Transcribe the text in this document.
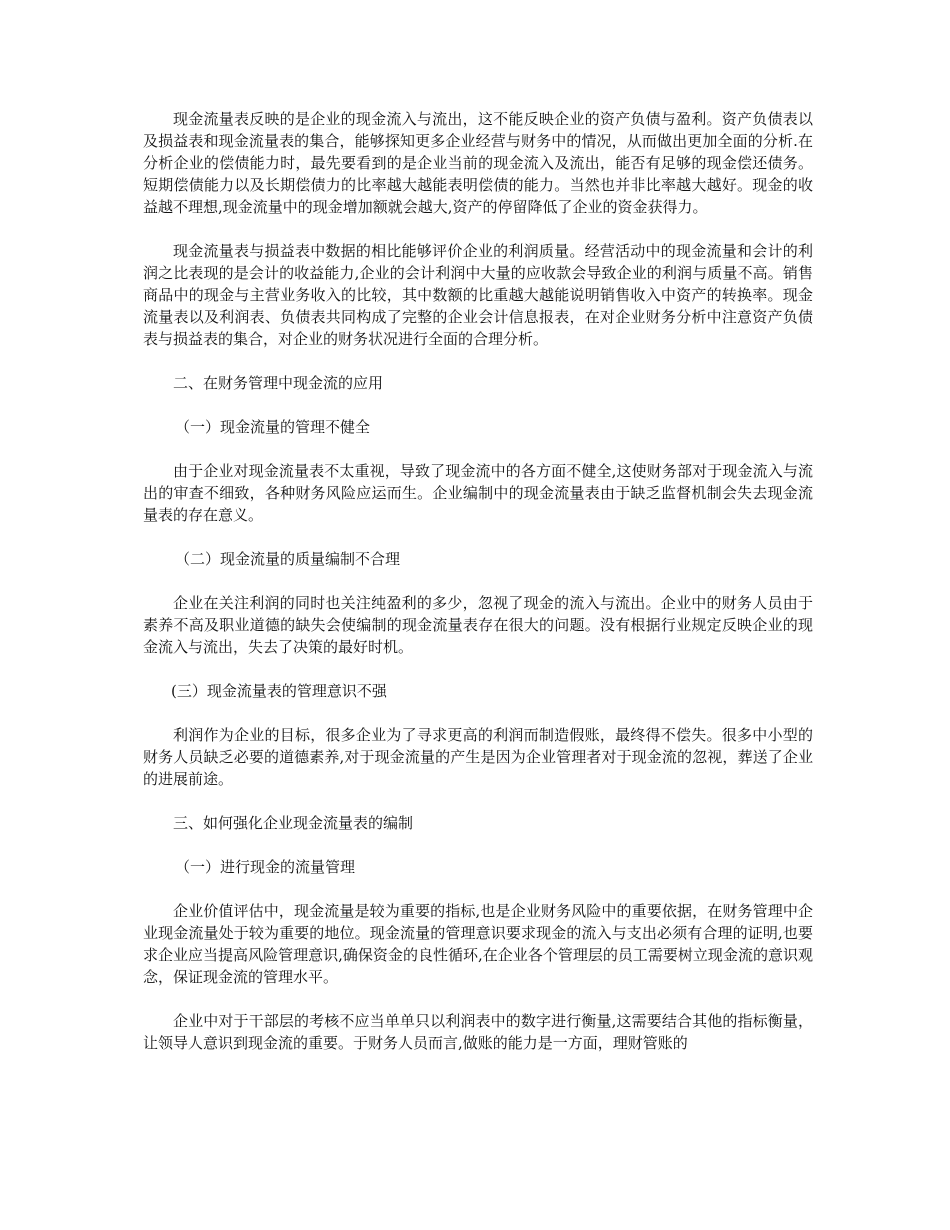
现金流量表反映的是企业的现金流入与流出，这不能反映企业的资产负债与盈利。资产负债表以及损益表和现金流量表的集合，能够探知更多企业经营与财务中的情况，从而做出更加全面的分析.在分析企业的偿债能力时，最先要看到的是企业当前的现金流入及流出，能否有足够的现金偿还债务。短期偿债能力以及长期偿债力的比率越大越能表明偿债的能力。当然也并非比率越大越好。现金的收益越不理想,现金流量中的现金增加额就会越大,资产的停留降低了企业的资金获得力。

现金流量表与损益表中数据的相比能够评价企业的利润质量。经营活动中的现金流量和会计的利润之比表现的是会计的收益能力,企业的会计利润中大量的应收款会导致企业的利润与质量不高。销售商品中的现金与主营业务收入的比较，其中数额的比重越大越能说明销售收入中资产的转换率。现金流量表以及利润表、负债表共同构成了完整的企业会计信息报表，在对企业财务分析中注意资产负债表与损益表的集合，对企业的财务状况进行全面的合理分析。

二、在财务管理中现金流的应用

（一）现金流量的管理不健全

由于企业对现金流量表不太重视，导致了现金流中的各方面不健全,这使财务部对于现金流入与流出的审查不细致，各种财务风险应运而生。企业编制中的现金流量表由于缺乏监督机制会失去现金流量表的存在意义。

（二）现金流量的质量编制不合理

企业在关注利润的同时也关注纯盈利的多少，忽视了现金的流入与流出。企业中的财务人员由于素养不高及职业道德的缺失会使编制的现金流量表存在很大的问题。没有根据行业规定反映企业的现金流入与流出，失去了决策的最好时机。

(三）现金流量表的管理意识不强

利润作为企业的目标，很多企业为了寻求更高的利润而制造假账，最终得不偿失。很多中小型的财务人员缺乏必要的道德素养,对于现金流量的产生是因为企业管理者对于现金流的忽视，葬送了企业的进展前途。

三、如何强化企业现金流量表的编制

（一）进行现金的流量管理

企业价值评估中，现金流量是较为重要的指标,也是企业财务风险中的重要依据，在财务管理中企业现金流量处于较为重要的地位。现金流量的管理意识要求现金的流入与支出必须有合理的证明,也要求企业应当提高风险管理意识,确保资金的良性循环,在企业各个管理层的员工需要树立现金流的意识观念，保证现金流的管理水平。

企业中对于干部层的考核不应当单单只以利润表中的数字进行衡量,这需要结合其他的指标衡量，让领导人意识到现金流的重要。于财务人员而言,做账的能力是一方面，理财管账的
